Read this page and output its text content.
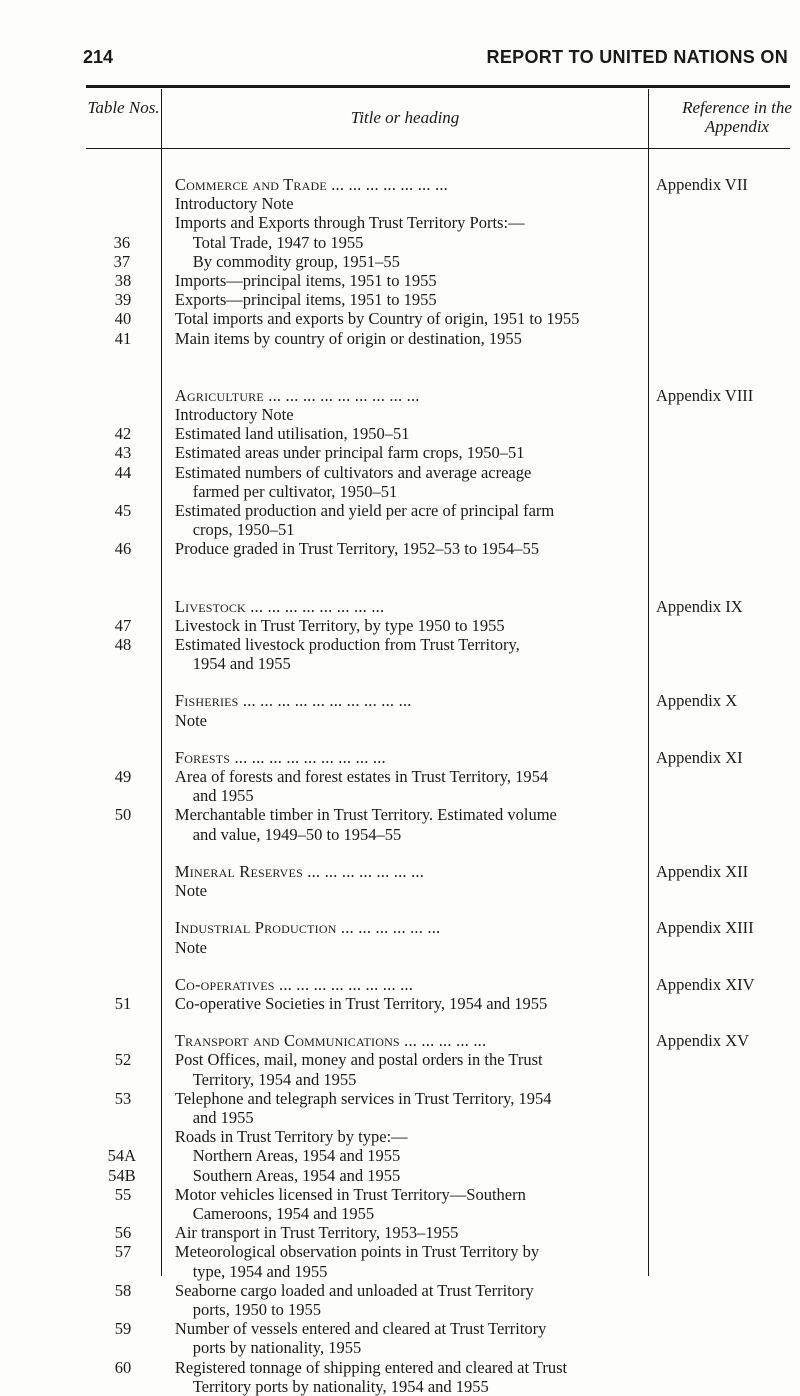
214	REPORT TO UNITED NATIONS ON
Table Nos.
Title or heading
Reference in the Appendix
Commerce and Trade ... ... ... ... ... ... ...	Appendix VII
Introductory Note
Imports and Exports through Trust Territory Ports:—
36	Total Trade, 1947 to 1955
37	By commodity group, 1951–55
38	Imports—principal items, 1951 to 1955
39	Exports—principal items, 1951 to 1955
40	Total imports and exports by Country of origin, 1951 to 1955
41	Main items by country of origin or destination, 1955
Agriculture ... ... ... ... ... ... ... ... ...	Appendix VIII
Introductory Note
42	Estimated land utilisation, 1950–51
43	Estimated areas under principal farm crops, 1950–51
44	Estimated numbers of cultivators and average acreage
farmed per cultivator, 1950–51
45	Estimated production and yield per acre of principal farm
crops, 1950–51
46	Produce graded in Trust Territory, 1952–53 to 1954–55
Livestock ... ... ... ... ... ... ... ...	Appendix IX
47	Livestock in Trust Territory, by type 1950 to 1955
48	Estimated livestock production from Trust Territory,
1954 and 1955
Fisheries ... ... ... ... ... ... ... ... ... ...	Appendix X
Note
Forests ... ... ... ... ... ... ... ... ...	Appendix XI
49	Area of forests and forest estates in Trust Territory, 1954
and 1955
50	Merchantable timber in Trust Territory. Estimated volume
and value, 1949–50 to 1954–55
Mineral Reserves ... ... ... ... ... ... ...	Appendix XII
Note
Industrial Production ... ... ... ... ... ...	Appendix XIII
Note
Co-operatives ... ... ... ... ... ... ... ...	Appendix XIV
51	Co-operative Societies in Trust Territory, 1954 and 1955
Transport and Communications ... ... ... ... ...	Appendix XV
52	Post Offices, mail, money and postal orders in the Trust
Territory, 1954 and 1955
53	Telephone and telegraph services in Trust Territory, 1954
and 1955
Roads in Trust Territory by type:—
54A	Northern Areas, 1954 and 1955
54B	Southern Areas, 1954 and 1955
55	Motor vehicles licensed in Trust Territory—Southern
Cameroons, 1954 and 1955
56	Air transport in Trust Territory, 1953–1955
57	Meteorological observation points in Trust Territory by
type, 1954 and 1955
58	Seaborne cargo loaded and unloaded at Trust Territory
ports, 1950 to 1955
59	Number of vessels entered and cleared at Trust Territory
ports by nationality, 1955
60	Registered tonnage of shipping entered and cleared at Trust
Territory ports by nationality, 1954 and 1955
